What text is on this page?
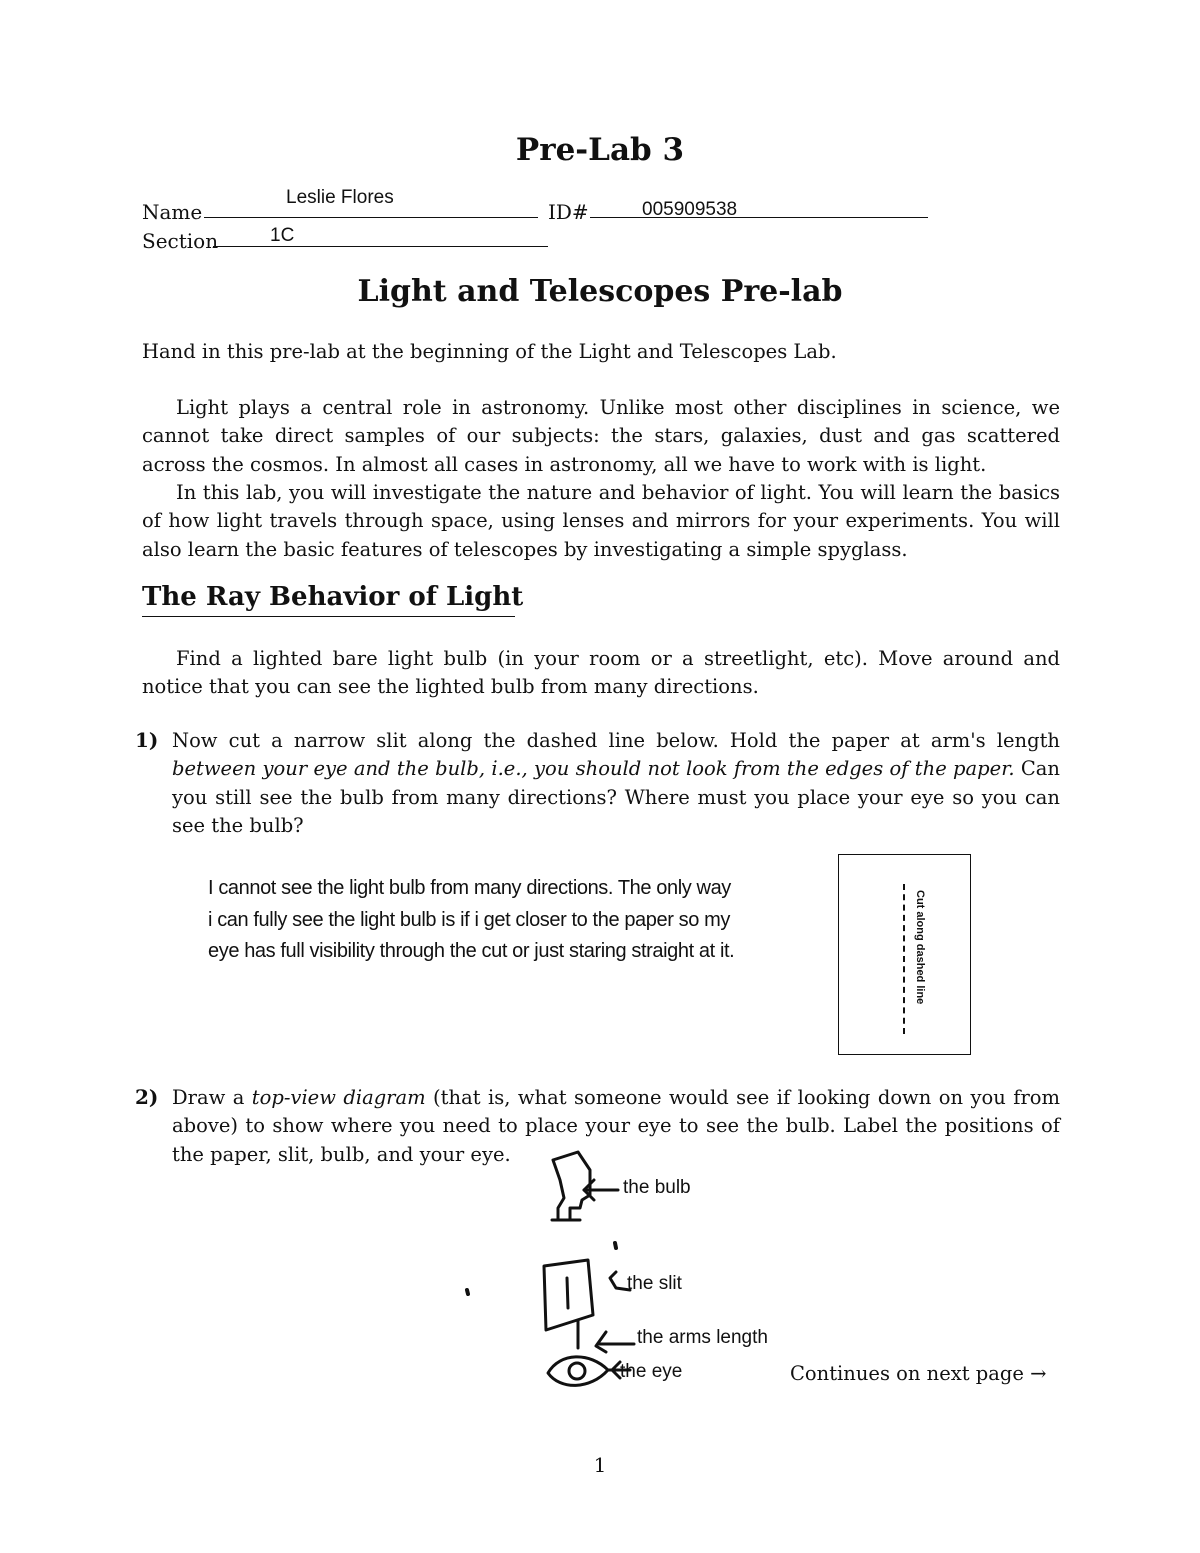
Pre-Lab 3
Name
Leslie Flores
ID#	005909538
Section	1C
Light and Telescopes Pre-lab
Hand in this pre-lab at the beginning of the Light and Telescopes Lab.
Light plays a central role in astronomy. Unlike most other disciplines in science, we cannot take direct samples of our subjects: the stars, galaxies, dust and gas scattered across the cosmos. In almost all cases in astronomy, all we have to work with is light.
In this lab, you will investigate the nature and behavior of light. You will learn the basics of how light travels through space, using lenses and mirrors for your experiments. You will also learn the basic features of telescopes by investigating a simple spyglass.
The Ray Behavior of Light
Find a lighted bare light bulb (in your room or a streetlight, etc). Move around and notice that you can see the lighted bulb from many directions.
1) Now cut a narrow slit along the dashed line below. Hold the paper at arm's length between your eye and the bulb, i.e., you should not look from the edges of the paper. Can you still see the bulb from many directions? Where must you place your eye so you can see the bulb?
I cannot see the light bulb from many directions. The only way
i can fully see the light bulb is if i get closer to the paper so my
eye has full visibility through the cut or just staring straight at it.	Cut along dashed line
2) Draw a top-view diagram (that is, what someone would see if looking down on you from above) to show where you need to place your eye to see the bulb. Label the positions of the paper, slit, bulb, and your eye.
the bulb
the slit
the arms length
the eye	Continues on next page →
1
